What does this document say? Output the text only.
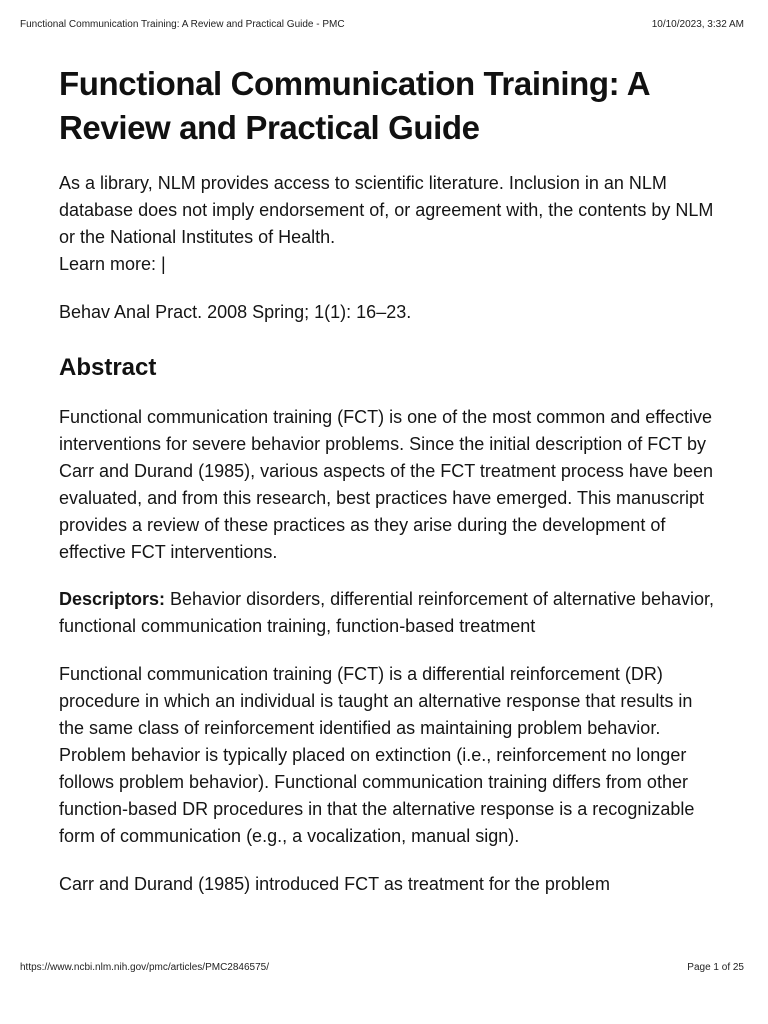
Functional Communication Training: A Review and Practical Guide - PMC	10/10/2023, 3:32 AM
Functional Communication Training: A Review and Practical Guide
As a library, NLM provides access to scientific literature. Inclusion in an NLM database does not imply endorsement of, or agreement with, the contents by NLM or the National Institutes of Health.
Learn more: |

Behav Anal Pract. 2008 Spring; 1(1): 16–23.

Abstract

Functional communication training (FCT) is one of the most common and effective interventions for severe behavior problems. Since the initial description of FCT by Carr and Durand (1985), various aspects of the FCT treatment process have been evaluated, and from this research, best practices have emerged. This manuscript provides a review of these practices as they arise during the development of effective FCT interventions.

Descriptors: Behavior disorders, differential reinforcement of alternative behavior, functional communication training, function-based treatment

Functional communication training (FCT) is a differential reinforcement (DR) procedure in which an individual is taught an alternative response that results in the same class of reinforcement identified as maintaining problem behavior. Problem behavior is typically placed on extinction (i.e., reinforcement no longer follows problem behavior). Functional communication training differs from other function-based DR procedures in that the alternative response is a recognizable form of communication (e.g., a vocalization, manual sign).

Carr and Durand (1985) introduced FCT as treatment for the problem

https://www.ncbi.nlm.nih.gov/pmc/articles/PMC2846575/	Page 1 of 25
